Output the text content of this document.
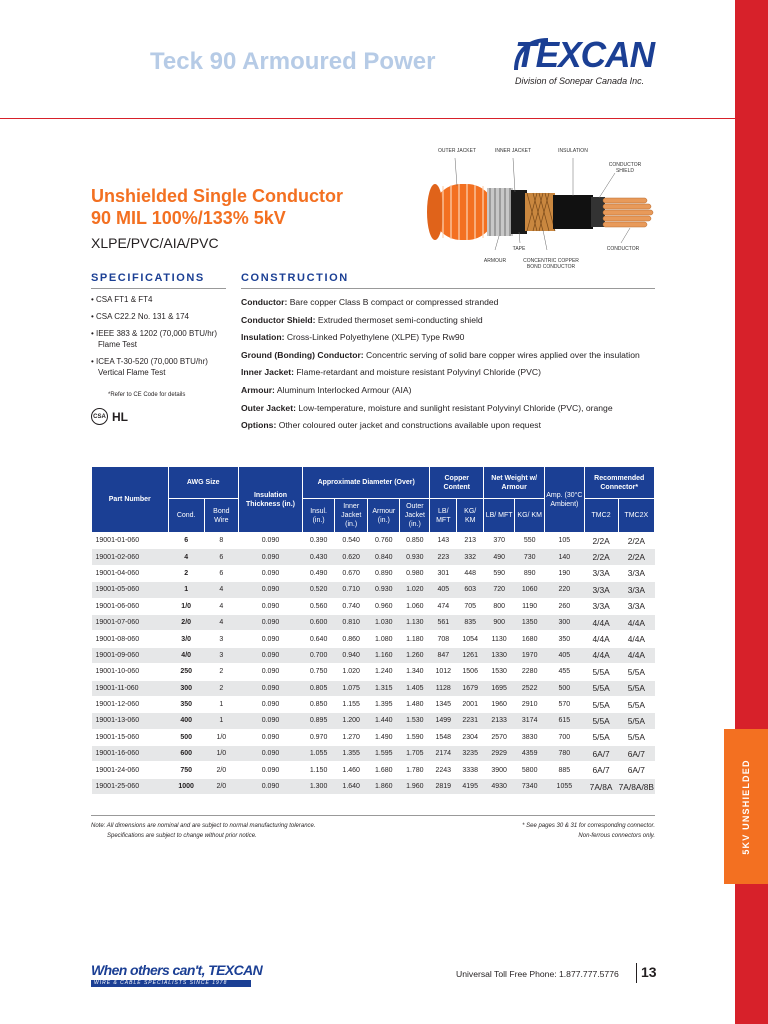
5KV UNSHIELDED
Teck 90 Armoured Power TEXCAN
Division of Sonepar Canada Inc.
Unshielded Single Conductor
90 MIL 100%/133% 5kV
XLPE/PVC/AIA/PVC
OUTER JACKET	INNER JACKET	INSULATION
CONDUCTOR SHIELD
ARMOUR
TAPE
CONCENTRIC COPPER BOND CONDUCTOR
CONDUCTOR
SPECIFICATIONS
• CSA FT1 & FT4
• CSA C22.2 No. 131 & 174
• IEEE 383 & 1202 (70,000 BTU/hr) Flame Test
• ICEA T-30-520 (70,000 BTU/hr) Vertical Flame Test
*Refer to CE Code for details
CSA HL
CONSTRUCTION
Conductor: Bare copper Class B compact or compressed stranded
Conductor Shield: Extruded thermoset semi-conducting shield
Insulation: Cross-Linked Polyethylene (XLPE) Type Rw90
Ground (Bonding) Conductor: Concentric serving of solid bare copper wires applied over the insulation
Inner Jacket: Flame-retardant and moisture resistant Polyvinyl Chloride (PVC)
Armour: Aluminum Interlocked Armour (AIA)
Outer Jacket: Low-temperature, moisture and sunlight resistant Polyvinyl Chloride (PVC), orange
Options: Other coloured outer jacket and constructions available upon request
Part Number	AWG Size		Insulation Thickness (in.)	Approximate Diameter (Over)				Copper Content		Net Weight w/ Armour		Amp. (30°C Ambient)	Recommended Connector*	
	Cond.	Bond Wire		Insul. (in.)	Inner Jacket (in.)	Armour (in.)	Outer Jacket (in.)	LB/ MFT	KG/ KM	LB/ MFT	KG/ KM		TMC2	TMC2X
19001-01-060	6	8	0.090	0.390	0.540	0.760	0.850	143	213	370	550	105	2/2A	2/2A
19001-02-060	4	6	0.090	0.430	0.620	0.840	0.930	223	332	490	730	140	2/2A	2/2A
19001-04-060	2	6	0.090	0.490	0.670	0.890	0.980	301	448	590	890	190	3/3A	3/3A
19001-05-060	1	4	0.090	0.520	0.710	0.930	1.020	405	603	720	1060	220	3/3A	3/3A
19001-06-060	1/0	4	0.090	0.560	0.740	0.960	1.060	474	705	800	1190	260	3/3A	3/3A
19001-07-060	2/0	4	0.090	0.600	0.810	1.030	1.130	561	835	900	1350	300	4/4A	4/4A
19001-08-060	3/0	3	0.090	0.640	0.860	1.080	1.180	708	1054	1130	1680	350	4/4A	4/4A
19001-09-060	4/0	3	0.090	0.700	0.940	1.160	1.260	847	1261	1330	1970	405	4/4A	4/4A
19001-10-060	250	2	0.090	0.750	1.020	1.240	1.340	1012	1506	1530	2280	455	5/5A	5/5A
19001-11-060	300	2	0.090	0.805	1.075	1.315	1.405	1128	1679	1695	2522	500	5/5A	5/5A
19001-12-060	350	1	0.090	0.850	1.155	1.395	1.480	1345	2001	1960	2910	570	5/5A	5/5A
19001-13-060	400	1	0.090	0.895	1.200	1.440	1.530	1499	2231	2133	3174	615	5/5A	5/5A
19001-15-060	500	1/0	0.090	0.970	1.270	1.490	1.590	1548	2304	2570	3830	700	5/5A	5/5A
19001-16-060	600	1/0	0.090	1.055	1.355	1.595	1.705	2174	3235	2929	4359	780	6A/7	6A/7
19001-24-060	750	2/0	0.090	1.150	1.460	1.680	1.780	2243	3338	3900	5800	885	6A/7	6A/7
19001-25-060	1000	2/0	0.090	1.300	1.640	1.860	1.960	2819	4195	4930	7340	1055	7A/8A	7A/8A/8B
Note: All dimensions are nominal and are subject to normal manufacturing tolerance.
Specifications are subject to change without prior notice.
* See pages 30 & 31 for corresponding connector.
Non-ferrous connectors only.
When others can't, TEXCAN
WIRE & CABLE SPECIALISTS SINCE 1978
Universal Toll Free Phone: 1.877.777.5776 13
